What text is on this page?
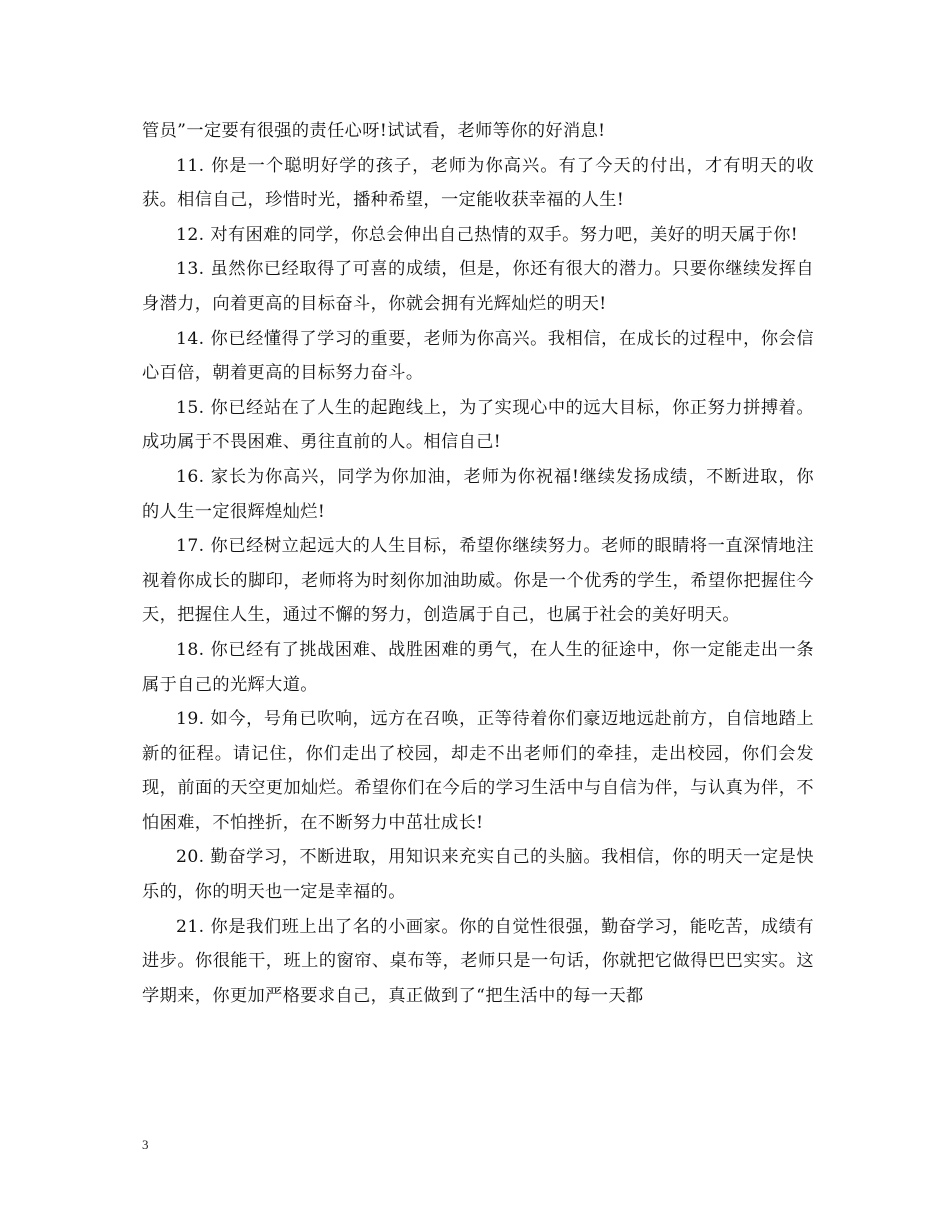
管员”一定要有很强的责任心呀!试试看，老师等你的好消息!

11. 你是一个聪明好学的孩子，老师为你高兴。有了今天的付出，才有明天的收获。相信自己，珍惜时光，播种希望，一定能收获幸福的人生!

12. 对有困难的同学，你总会伸出自己热情的双手。努力吧，美好的明天属于你!

13. 虽然你已经取得了可喜的成绩，但是，你还有很大的潜力。只要你继续发挥自身潜力，向着更高的目标奋斗，你就会拥有光辉灿烂的明天!

14. 你已经懂得了学习的重要，老师为你高兴。我相信，在成长的过程中，你会信心百倍，朝着更高的目标努力奋斗。

15. 你已经站在了人生的起跑线上，为了实现心中的远大目标，你正努力拼搏着。成功属于不畏困难、勇往直前的人。相信自己!

16. 家长为你高兴，同学为你加油，老师为你祝福!继续发扬成绩，不断进取，你的人生一定很辉煌灿烂!

17. 你已经树立起远大的人生目标，希望你继续努力。老师的眼睛将一直深情地注视着你成长的脚印，老师将为时刻你加油助威。你是一个优秀的学生，希望你把握住今天，把握住人生，通过不懈的努力，创造属于自己，也属于社会的美好明天。

18. 你已经有了挑战困难、战胜困难的勇气，在人生的征途中，你一定能走出一条属于自己的光辉大道。

19. 如今，号角已吹响，远方在召唤，正等待着你们豪迈地远赴前方，自信地踏上新的征程。请记住，你们走出了校园，却走不出老师们的牵挂，走出校园，你们会发现，前面的天空更加灿烂。希望你们在今后的学习生活中与自信为伴，与认真为伴，不怕困难，不怕挫折，在不断努力中茁壮成长!

20. 勤奋学习，不断进取，用知识来充实自己的头脑。我相信，你的明天一定是快乐的，你的明天也一定是幸福的。

21. 你是我们班上出了名的小画家。你的自觉性很强，勤奋学习，能吃苦，成绩有进步。你很能干，班上的窗帘、桌布等，老师只是一句话，你就把它做得巴巴实实。这学期来，你更加严格要求自己，真正做到了“把生活中的每一天都

3
